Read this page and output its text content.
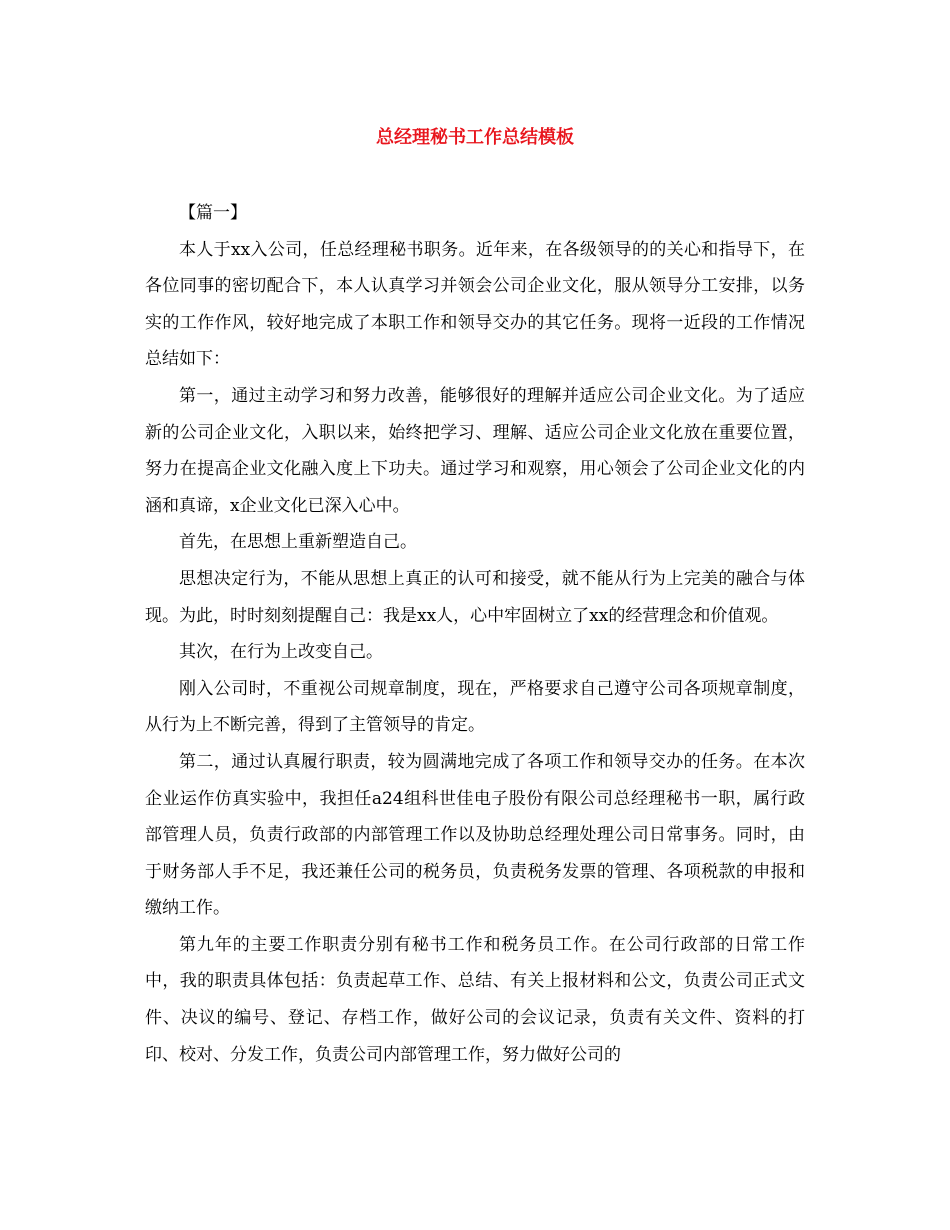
总经理秘书工作总结模板

【篇一】

本人于xx入公司，任总经理秘书职务。近年来，在各级领导的的关心和指导下，在各位同事的密切配合下，本人认真学习并领会公司企业文化，服从领导分工安排，以务实的工作作风，较好地完成了本职工作和领导交办的其它任务。现将一近段的工作情况总结如下：

第一，通过主动学习和努力改善，能够很好的理解并适应公司企业文化。为了适应新的公司企业文化，入职以来，始终把学习、理解、适应公司企业文化放在重要位置，努力在提高企业文化融入度上下功夫。通过学习和观察，用心领会了公司企业文化的内涵和真谛，x企业文化已深入心中。

首先，在思想上重新塑造自己。

思想决定行为，不能从思想上真正的认可和接受，就不能从行为上完美的融合与体现。为此，时时刻刻提醒自己：我是xx人，心中牢固树立了xx的经营理念和价值观。

其次，在行为上改变自己。

刚入公司时，不重视公司规章制度，现在，严格要求自己遵守公司各项规章制度，从行为上不断完善，得到了主管领导的肯定。

第二，通过认真履行职责，较为圆满地完成了各项工作和领导交办的任务。在本次企业运作仿真实验中，我担任a24组科世佳电子股份有限公司总经理秘书一职，属行政部管理人员，负责行政部的内部管理工作以及协助总经理处理公司日常事务。同时，由于财务部人手不足，我还兼任公司的税务员，负责税务发票的管理、各项税款的申报和缴纳工作。

第九年的主要工作职责分别有秘书工作和税务员工作。在公司行政部的日常工作中，我的职责具体包括：负责起草工作、总结、有关上报材料和公文，负责公司正式文件、决议的编号、登记、存档工作，做好公司的会议记录，负责有关文件、资料的打印、校对、分发工作，负责公司内部管理工作，努力做好公司的
